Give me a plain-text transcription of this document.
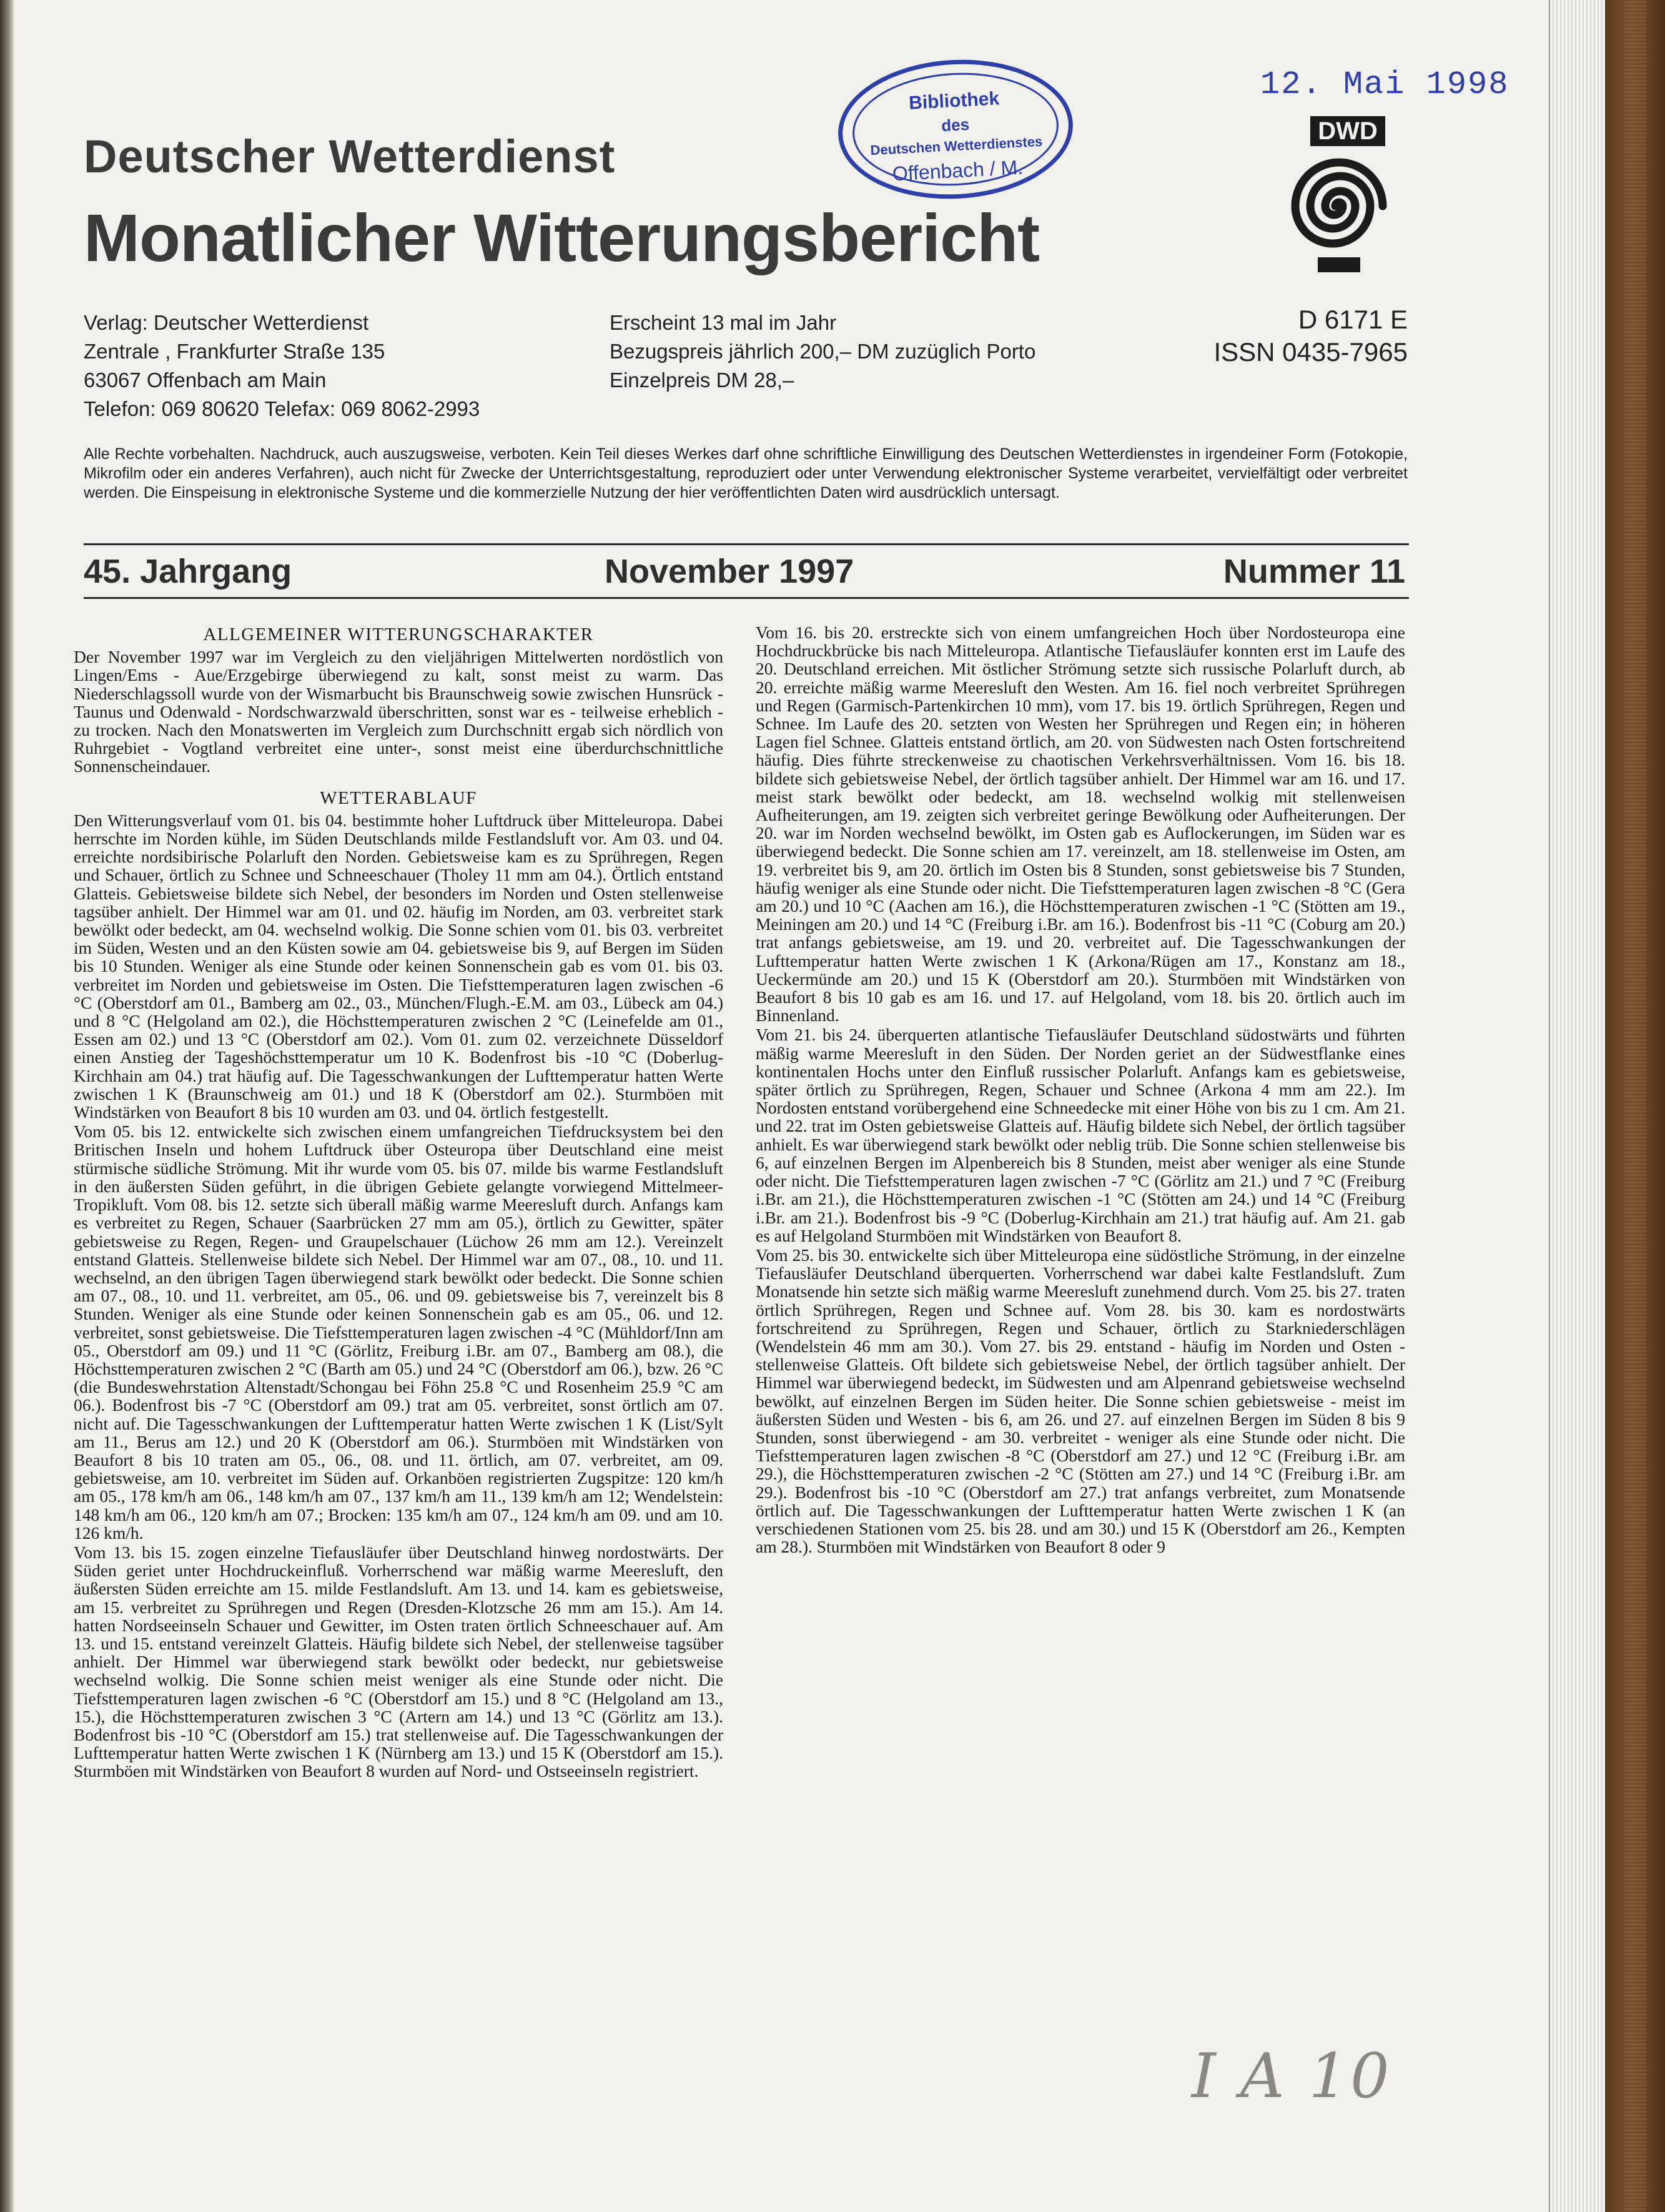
Deutscher Wetterdienst
Monatlicher Witterungsbericht
Bibliothek
des
Deutschen Wetterdienstes
Offenbach / M.
12. Mai 1998
DWD
Verlag: Deutscher Wetterdienst
Zentrale , Frankfurter Straße 135
63067 Offenbach am Main
Telefon: 069 80620 Telefax: 069 8062-2993
Erscheint 13 mal im Jahr
Bezugspreis jährlich 200,– DM zuzüglich Porto
Einzelpreis DM 28,–
D 6171 E
ISSN 0435-7965
Alle Rechte vorbehalten. Nachdruck, auch auszugsweise, verboten. Kein Teil dieses Werkes darf ohne schriftliche Einwilligung des Deutschen Wetterdienstes in irgendeiner Form (Fotokopie, Mikrofilm oder ein anderes Verfahren), auch nicht für Zwecke der Unterrichtsgestaltung, reproduziert oder unter Verwendung elektronischer Systeme verarbeitet, vervielfältigt oder verbreitet werden. Die Einspeisung in elektronische Systeme und die kommerzielle Nutzung der hier veröffentlichten Daten wird ausdrücklich untersagt.
45. Jahrgang	November 1997	Nummer 11
ALLGEMEINER WITTERUNGSCHARAKTER

Der November 1997 war im Vergleich zu den vieljährigen Mittelwerten nordöstlich von Lingen/Ems - Aue/Erzgebirge überwiegend zu kalt, sonst meist zu warm. Das Niederschlagssoll wurde von der Wismarbucht bis Braunschweig sowie zwischen Hunsrück - Taunus und Odenwald - Nordschwarzwald überschritten, sonst war es - teilweise erheblich - zu trocken. Nach den Monatswerten im Vergleich zum Durchschnitt ergab sich nördlich von Ruhrgebiet - Vogtland verbreitet eine unter-, sonst meist eine überdurchschnittliche Sonnenscheindauer.

WETTERABLAUF

Den Witterungsverlauf vom 01. bis 04. bestimmte hoher Luftdruck über Mitteleuropa. Dabei herrschte im Norden kühle, im Süden Deutschlands milde Festlandsluft vor. Am 03. und 04. erreichte nordsibirische Polarluft den Norden. Gebietsweise kam es zu Sprühregen, Regen und Schauer, örtlich zu Schnee und Schneeschauer (Tholey 11 mm am 04.). Örtlich entstand Glatteis. Gebietsweise bildete sich Nebel, der besonders im Norden und Osten stellenweise tagsüber anhielt. Der Himmel war am 01. und 02. häufig im Norden, am 03. verbreitet stark bewölkt oder bedeckt, am 04. wechselnd wolkig. Die Sonne schien vom 01. bis 03. verbreitet im Süden, Westen und an den Küsten sowie am 04. gebietsweise bis 9, auf Bergen im Süden bis 10 Stunden. Weniger als eine Stunde oder keinen Sonnenschein gab es vom 01. bis 03. verbreitet im Norden und gebietsweise im Osten. Die Tiefsttemperaturen lagen zwischen -6 °C (Oberstdorf am 01., Bamberg am 02., 03., München/Flugh.-E.M. am 03., Lübeck am 04.) und 8 °C (Helgoland am 02.), die Höchsttemperaturen zwischen 2 °C (Leinefelde am 01., Essen am 02.) und 13 °C (Oberstdorf am 02.). Vom 01. zum 02. verzeichnete Düsseldorf einen Anstieg der Tageshöchsttemperatur um 10 K. Bodenfrost bis -10 °C (Doberlug-Kirchhain am 04.) trat häufig auf. Die Tagesschwankungen der Lufttemperatur hatten Werte zwischen 1 K (Braunschweig am 01.) und 18 K (Oberstdorf am 02.). Sturmböen mit Windstärken von Beaufort 8 bis 10 wurden am 03. und 04. örtlich festgestellt.

Vom 05. bis 12. entwickelte sich zwischen einem umfangreichen Tiefdrucksystem bei den Britischen Inseln und hohem Luftdruck über Osteuropa über Deutschland eine meist stürmische südliche Strömung. Mit ihr wurde vom 05. bis 07. milde bis warme Festlandsluft in den äußersten Süden geführt, in die übrigen Gebiete gelangte vorwiegend Mittelmeer-Tropikluft. Vom 08. bis 12. setzte sich überall mäßig warme Meeresluft durch. Anfangs kam es verbreitet zu Regen, Schauer (Saarbrücken 27 mm am 05.), örtlich zu Gewitter, später gebietsweise zu Regen, Regen- und Graupelschauer (Lüchow 26 mm am 12.). Vereinzelt entstand Glatteis. Stellenweise bildete sich Nebel. Der Himmel war am 07., 08., 10. und 11. wechselnd, an den übrigen Tagen überwiegend stark bewölkt oder bedeckt. Die Sonne schien am 07., 08., 10. und 11. verbreitet, am 05., 06. und 09. gebietsweise bis 7, vereinzelt bis 8 Stunden. Weniger als eine Stunde oder keinen Sonnenschein gab es am 05., 06. und 12. verbreitet, sonst gebietsweise. Die Tiefsttemperaturen lagen zwischen -4 °C (Mühldorf/Inn am 05., Oberstdorf am 09.) und 11 °C (Görlitz, Freiburg i.Br. am 07., Bamberg am 08.), die Höchsttemperaturen zwischen 2 °C (Barth am 05.) und 24 °C (Oberstdorf am 06.), bzw. 26 °C (die Bundeswehrstation Altenstadt/Schongau bei Föhn 25.8 °C und Rosenheim 25.9 °C am 06.). Bodenfrost bis -7 °C (Oberstdorf am 09.) trat am 05. verbreitet, sonst örtlich am 07. nicht auf. Die Tagesschwankungen der Lufttemperatur hatten Werte zwischen 1 K (List/Sylt am 11., Berus am 12.) und 20 K (Oberstdorf am 06.). Sturmböen mit Windstärken von Beaufort 8 bis 10 traten am 05., 06., 08. und 11. örtlich, am 07. verbreitet, am 09. gebietsweise, am 10. verbreitet im Süden auf. Orkanböen registrierten Zugspitze: 120 km/h am 05., 178 km/h am 06., 148 km/h am 07., 137 km/h am 11., 139 km/h am 12; Wendelstein: 148 km/h am 06., 120 km/h am 07.; Brocken: 135 km/h am 07., 124 km/h am 09. und am 10. 126 km/h.

Vom 13. bis 15. zogen einzelne Tiefausläufer über Deutschland hinweg nordostwärts. Der Süden geriet unter Hochdruckeinfluß. Vorherrschend war mäßig warme Meeresluft, den äußersten Süden erreichte am 15. milde Festlandsluft. Am 13. und 14. kam es gebietsweise, am 15. verbreitet zu Sprühregen und Regen (Dresden-Klotzsche 26 mm am 15.). Am 14. hatten Nordseeinseln Schauer und Gewitter, im Osten traten örtlich Schneeschauer auf. Am 13. und 15. entstand vereinzelt Glatteis. Häufig bildete sich Nebel, der stellenweise tagsüber anhielt. Der Himmel war überwiegend stark bewölkt oder bedeckt, nur gebietsweise wechselnd wolkig. Die Sonne schien meist weniger als eine Stunde oder nicht. Die Tiefsttemperaturen lagen zwischen -6 °C (Oberstdorf am 15.) und 8 °C (Helgoland am 13., 15.), die Höchsttemperaturen zwischen 3 °C (Artern am 14.) und 13 °C (Görlitz am 13.). Bodenfrost bis -10 °C (Oberstdorf am 15.) trat stellenweise auf. Die Tagesschwankungen der Lufttemperatur hatten Werte zwischen 1 K (Nürnberg am 13.) und 15 K (Oberstdorf am 15.). Sturmböen mit Windstärken von Beaufort 8 wurden auf Nord- und Ostseeinseln registriert.

Vom 16. bis 20. erstreckte sich von einem umfangreichen Hoch über Nordosteuropa eine Hochdruckbrücke bis nach Mitteleuropa. Atlantische Tiefausläufer konnten erst im Laufe des 20. Deutschland erreichen. Mit östlicher Strömung setzte sich russische Polarluft durch, ab 20. erreichte mäßig warme Meeresluft den Westen. Am 16. fiel noch verbreitet Sprühregen und Regen (Garmisch-Partenkirchen 10 mm), vom 17. bis 19. örtlich Sprühregen, Regen und Schnee. Im Laufe des 20. setzten von Westen her Sprühregen und Regen ein; in höheren Lagen fiel Schnee. Glatteis entstand örtlich, am 20. von Südwesten nach Osten fortschreitend häufig. Dies führte streckenweise zu chaotischen Verkehrsverhältnissen. Vom 16. bis 18. bildete sich gebietsweise Nebel, der örtlich tagsüber anhielt. Der Himmel war am 16. und 17. meist stark bewölkt oder bedeckt, am 18. wechselnd wolkig mit stellenweisen Aufheiterungen, am 19. zeigten sich verbreitet geringe Bewölkung oder Aufheiterungen. Der 20. war im Norden wechselnd bewölkt, im Osten gab es Auflockerungen, im Süden war es überwiegend bedeckt. Die Sonne schien am 17. vereinzelt, am 18. stellenweise im Osten, am 19. verbreitet bis 9, am 20. örtlich im Osten bis 8 Stunden, sonst gebietsweise bis 7 Stunden, häufig weniger als eine Stunde oder nicht. Die Tiefsttemperaturen lagen zwischen -8 °C (Gera am 20.) und 10 °C (Aachen am 16.), die Höchsttemperaturen zwischen -1 °C (Stötten am 19., Meiningen am 20.) und 14 °C (Freiburg i.Br. am 16.). Bodenfrost bis -11 °C (Coburg am 20.) trat anfangs gebietsweise, am 19. und 20. verbreitet auf. Die Tagesschwankungen der Lufttemperatur hatten Werte zwischen 1 K (Arkona/Rügen am 17., Konstanz am 18., Ueckermünde am 20.) und 15 K (Oberstdorf am 20.). Sturmböen mit Windstärken von Beaufort 8 bis 10 gab es am 16. und 17. auf Helgoland, vom 18. bis 20. örtlich auch im Binnenland.

Vom 21. bis 24. überquerten atlantische Tiefausläufer Deutschland südostwärts und führten mäßig warme Meeresluft in den Süden. Der Norden geriet an der Südwestflanke eines kontinentalen Hochs unter den Einfluß russischer Polarluft. Anfangs kam es gebietsweise, später örtlich zu Sprühregen, Regen, Schauer und Schnee (Arkona 4 mm am 22.). Im Nordosten entstand vorübergehend eine Schneedecke mit einer Höhe von bis zu 1 cm. Am 21. und 22. trat im Osten gebietsweise Glatteis auf. Häufig bildete sich Nebel, der örtlich tagsüber anhielt. Es war überwiegend stark bewölkt oder neblig trüb. Die Sonne schien stellenweise bis 6, auf einzelnen Bergen im Alpenbereich bis 8 Stunden, meist aber weniger als eine Stunde oder nicht. Die Tiefsttemperaturen lagen zwischen -7 °C (Görlitz am 21.) und 7 °C (Freiburg i.Br. am 21.), die Höchsttemperaturen zwischen -1 °C (Stötten am 24.) und 14 °C (Freiburg i.Br. am 21.). Bodenfrost bis -9 °C (Doberlug-Kirchhain am 21.) trat häufig auf. Am 21. gab es auf Helgoland Sturmböen mit Windstärken von Beaufort 8.

Vom 25. bis 30. entwickelte sich über Mitteleuropa eine südöstliche Strömung, in der einzelne Tiefausläufer Deutschland überquerten. Vorherrschend war dabei kalte Festlandsluft. Zum Monatsende hin setzte sich mäßig warme Meeresluft zunehmend durch. Vom 25. bis 27. traten örtlich Sprühregen, Regen und Schnee auf. Vom 28. bis 30. kam es nordostwärts fortschreitend zu Sprühregen, Regen und Schauer, örtlich zu Starkniederschlägen (Wendelstein 46 mm am 30.). Vom 27. bis 29. entstand - häufig im Norden und Osten - stellenweise Glatteis. Oft bildete sich gebietsweise Nebel, der örtlich tagsüber anhielt. Der Himmel war überwiegend bedeckt, im Südwesten und am Alpenrand gebietsweise wechselnd bewölkt, auf einzelnen Bergen im Süden heiter. Die Sonne schien gebietsweise - meist im äußersten Süden und Westen - bis 6, am 26. und 27. auf einzelnen Bergen im Süden 8 bis 9 Stunden, sonst überwiegend - am 30. verbreitet - weniger als eine Stunde oder nicht. Die Tiefsttemperaturen lagen zwischen -8 °C (Oberstdorf am 27.) und 12 °C (Freiburg i.Br. am 29.), die Höchsttemperaturen zwischen -2 °C (Stötten am 27.) und 14 °C (Freiburg i.Br. am 29.). Bodenfrost bis -10 °C (Oberstdorf am 27.) trat anfangs verbreitet, zum Monatsende örtlich auf. Die Tagesschwankungen der Lufttemperatur hatten Werte zwischen 1 K (an verschiedenen Stationen vom 25. bis 28. und am 30.) und 15 K (Oberstdorf am 26., Kempten am 28.). Sturmböen mit Windstärken von Beaufort 8 oder 9

I A 10
